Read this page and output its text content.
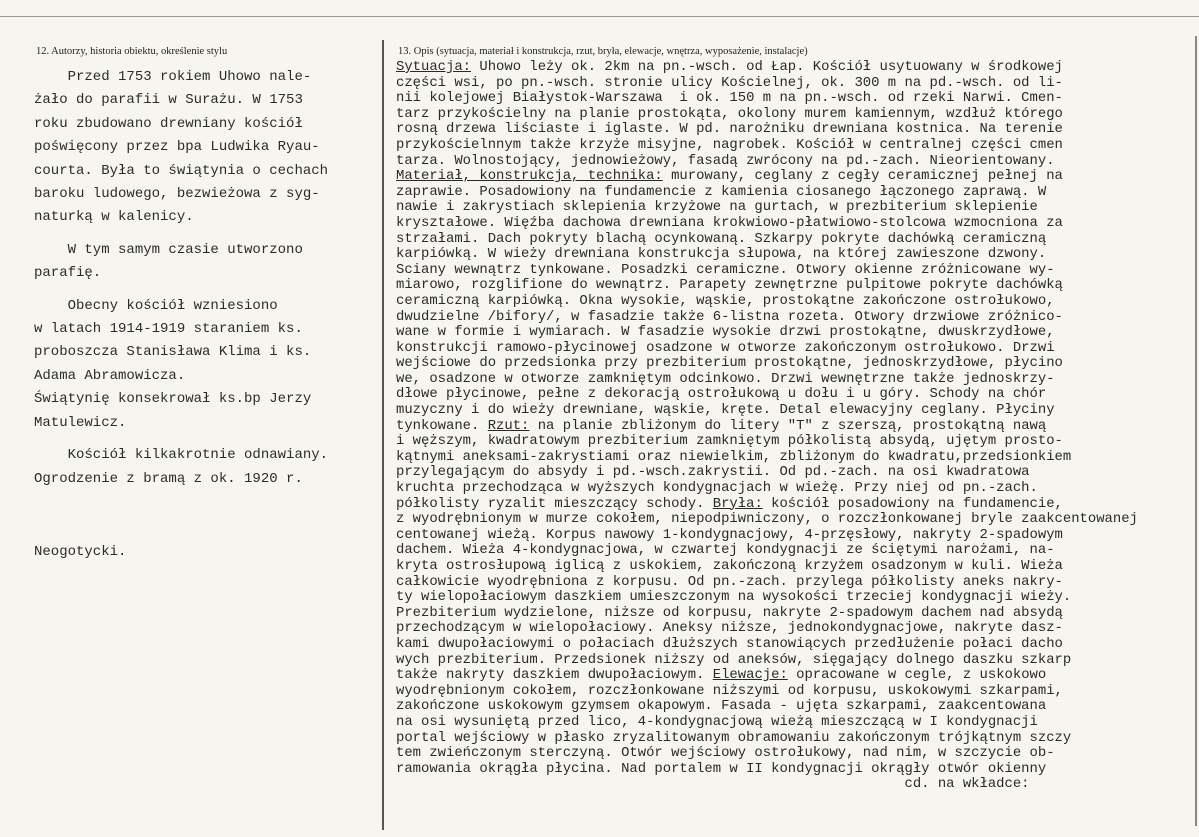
12. Autorzy, historia obiektu, określenie stylu	13. Opis (sytuacja, materiał i konstrukcja, rzut, bryła, elewacje, wnętrza, wyposażenie, instalacje)
Przed 1753 rokiem Uhowo nale-
żało do parafii w Surażu. W 1753
roku zbudowano drewniany kościół
poświęcony przez bpa Ludwika Ryau-
courta. Była to świątynia o cechach
baroku ludowego, bezwieżowa z syg-
naturką w kalenicy.
W tym samym czasie utworzono
parafię.
Obecny kościół wzniesiono
w latach 1914-1919 staraniem ks.
proboszcza Stanisława Klima i ks.
Adama Abramowicza.
Świątynię konsekrował ks.bp Jerzy
Matulewicz.
Kościół kilkakrotnie odnawiany.
Ogrodzenie z bramą z ok. 1920 r.
Neogotycki.
Sytuacja: Uhowo leży ok. 2km na pn.-wsch. od Łap. Kościół usytuowany w środkowej
części wsi, po pn.-wsch. stronie ulicy Kościelnej, ok. 300 m na pd.-wsch. od li-
nii kolejowej Białystok-Warszawa  i ok. 150 m na pn.-wsch. od rzeki Narwi. Cmen-
tarz przykościelny na planie prostokąta, okolony murem kamiennym, wzdłuż którego
rosną drzewa liściaste i iglaste. W pd. narożniku drewniana kostnica. Na terenie
przykościelnnym także krzyże misyjne, nagrobek. Kościół w centralnej części cmen
tarza. Wolnostojący, jednowieżowy, fasadą zwrócony na pd.-zach. Nieorientowany.
Materiał, konstrukcja, technika: murowany, ceglany z cegły ceramicznej pełnej na
zaprawie. Posadowiony na fundamencie z kamienia ciosanego łączonego zaprawą. W
nawie i zakrystiach sklepienia krzyżowe na gurtach, w prezbiterium sklepienie
kryształowe. Więźba dachowa drewniana krokwiowo-płatwiowo-stolcowa wzmocniona za
strzałami. Dach pokryty blachą ocynkowaną. Szkarpy pokryte dachówką ceramiczną
karpiówką. W wieży drewniana konstrukcja słupowa, na której zawieszone dzwony.
Ściany wewnątrz tynkowane. Posadzki ceramiczne. Otwory okienne zróżnicowane wy-
miarowo, rozglifione do wewnątrz. Parapety zewnętrzne pulpitowe pokryte dachówką
ceramiczną karpiówką. Okna wysokie, wąskie, prostokątne zakończone ostrołukowo,
dwudzielne /bifory/, w fasadzie także 6-listna rozeta. Otwory drzwiowe zróżnico-
wane w formie i wymiarach. W fasadzie wysokie drzwi prostokątne, dwuskrzydłowe,
konstrukcji ramowo-płycinowej osadzone w otworze zakończonym ostrołukowo. Drzwi
wejściowe do przedsionka przy prezbiterium prostokątne, jednoskrzydłowe, płycino
we, osadzone w otworze zamkniętym odcinkowo. Drzwi wewnętrzne także jednoskrzy-
dłowe płycinowe, pełne z dekoracją ostrołukową u dołu i u góry. Schody na chór
muzyczny i do wieży drewniane, wąskie, kręte. Detal elewacyjny ceglany. Płyciny
tynkowane. Rzut: na planie zbliżonym do litery "T" z szerszą, prostokątną nawą
i węższym, kwadratowym prezbiterium zamkniętym półkolistą absydą, ujętym prosto-
kątnymi aneksami-zakrystiami oraz niewielkim, zbliżonym do kwadratu,przedsionkiem
przylegającym do absydy i pd.-wsch.zakrystii. Od pd.-zach. na osi kwadratowa
kruchta przechodząca w wyższych kondygnacjach w wieżę. Przy niej od pn.-zach.
półkolisty ryzalit mieszczący schody. Bryła: kościół posadowiony na fundamencie,
z wyodrębnionym w murze cokołem, niepodpiwniczony, o rozczłonkowanej bryle zaakcentowanej
centowanej wieżą. Korpus nawowy 1-kondygnacjowy, 4-przęsłowy, nakryty 2-spadowym
dachem. Wieża 4-kondygnacjowa, w czwartej kondygnacji ze ściętymi narożami, na-
kryta ostrosłupową iglicą z uskokiem, zakończoną krzyżem osadzonym w kuli. Wieża
całkowicie wyodrębniona z korpusu. Od pn.-zach. przylega półkolisty aneks nakry-
ty wielopołaciowym daszkiem umieszczonym na wysokości trzeciej kondygnacji wieży.
Prezbiterium wydzielone, niższe od korpusu, nakryte 2-spadowym dachem nad absydą
przechodzącym w wielopołaciowy. Aneksy niższe, jednokondygnacjowe, nakryte dasz-
kami dwupołaciowymi o połaciach dłuższych stanowiących przedłużenie połaci dacho
wych prezbiterium. Przedsionek niższy od aneksów, sięgający dolnego daszku szkarp
także nakryty daszkiem dwupołaciowym. Elewacje: opracowane w cegle, z uskokowo
wyodrębnionym cokołem, rozczłonkowane niższymi od korpusu, uskokowymi szkarpami,
zakończone uskokowym gzymsem okapowym. Fasada - ujęta szkarpami, zaakcentowana
na osi wysuniętą przed lico, 4-kondygnacjową wieżą mieszczącą w I kondygnacji
portal wejściowy w płasko zryzalitowanym obramowaniu zakończonym trójkątnym szczy
tem zwieńczonym sterczyną. Otwór wejściowy ostrołukowy, nad nim, w szczycie ob-
ramowania okrągła płycina. Nad portalem w II kondygnacji okrągły otwór okienny
cd. na wkładce:
